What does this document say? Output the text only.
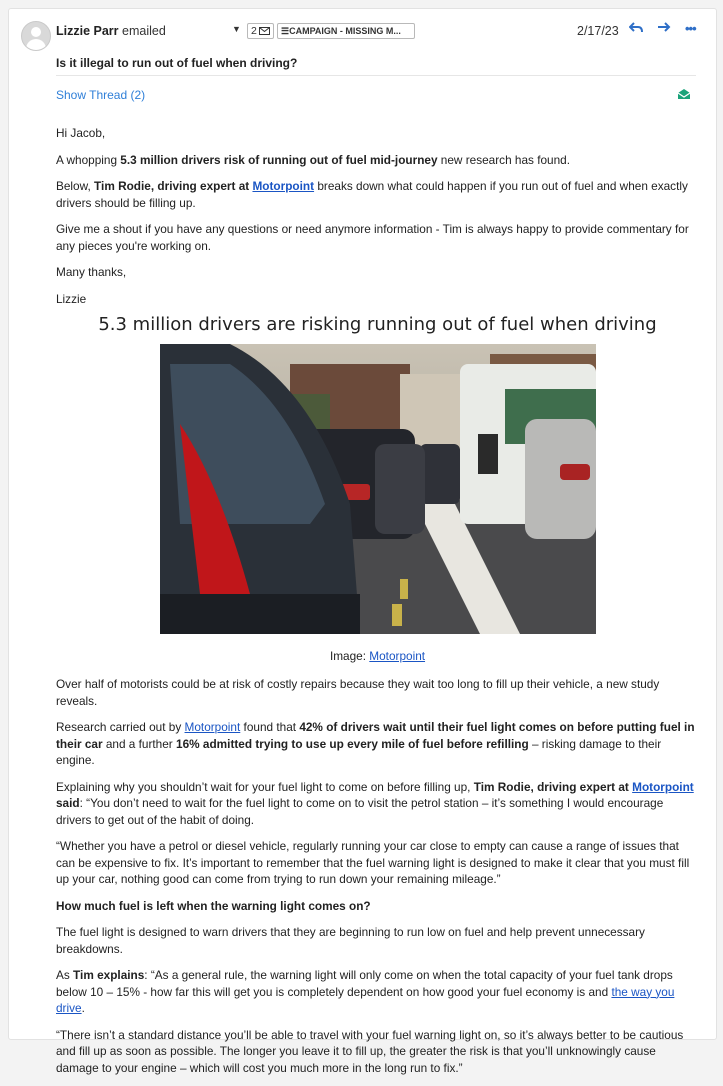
Lizzie Parr emailed	▼ 2	☰CAMPAIGN - MISSING M...	2/17/23	•••
Is it illegal to run out of fuel when driving?
Show Thread (2)

Hi Jacob,

A whopping 5.3 million drivers risk of running out of fuel mid-journey new research has found.

Below, Tim Rodie, driving expert at Motorpoint breaks down what could happen if you run out of fuel and when exactly drivers should be filling up.

Give me a shout if you have any questions or need anymore information - Tim is always happy to provide commentary for any pieces you're working on.

Many thanks,

Lizzie

5.3 million drivers are risking running out of fuel when driving
Image: Motorpoint

Over half of motorists could be at risk of costly repairs because they wait too long to fill up their vehicle, a new study reveals.

Research carried out by Motorpoint found that 42% of drivers wait until their fuel light comes on before putting fuel in their car and a further 16% admitted trying to use up every mile of fuel before refilling – risking damage to their engine.

Explaining why you shouldn’t wait for your fuel light to come on before filling up, Tim Rodie, driving expert at Motorpoint said: “You don’t need to wait for the fuel light to come on to visit the petrol station – it’s something I would encourage drivers to get out of the habit of doing.

“Whether you have a petrol or diesel vehicle, regularly running your car close to empty can cause a range of issues that can be expensive to fix. It’s important to remember that the fuel warning light is designed to make it clear that you must fill up your car, nothing good can come from trying to run down your remaining mileage.”

How much fuel is left when the warning light comes on?

The fuel light is designed to warn drivers that they are beginning to run low on fuel and help prevent unnecessary breakdowns.

As Tim explains: “As a general rule, the warning light will only come on when the total capacity of your fuel tank drops below 10 – 15% - how far this will get you is completely dependent on how good your fuel economy is and the way you drive.

“There isn’t a standard distance you’ll be able to travel with your fuel warning light on, so it’s always better to be cautious and fill up as soon as possible. The longer you leave it to fill up, the greater the risk is that you’ll unknowingly cause damage to your engine – which will cost you much more in the long run to fix.”
